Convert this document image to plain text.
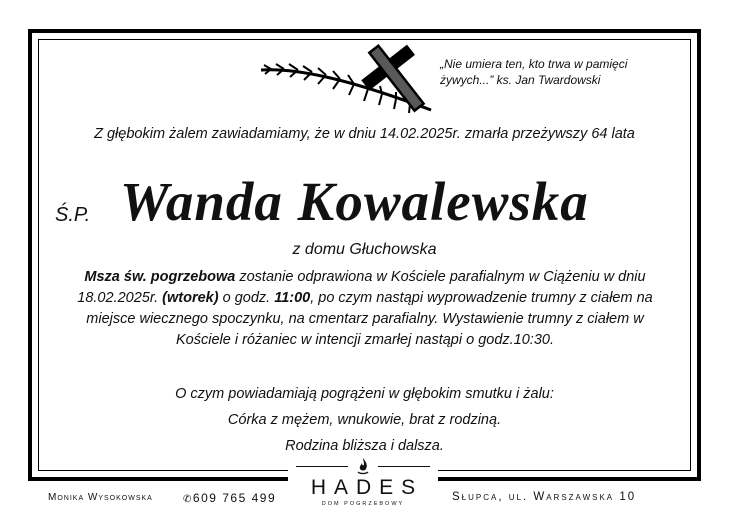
„Nie umiera ten, kto trwa w pamięci
żywych...” ks. Jan Twardowski
Z głębokim żalem zawiadamiamy, że w dniu 14.02.2025r. zmarła przeżywszy 64 lata
Ś.P. Wanda Kowalewska
z domu Głuchowska
Msza św. pogrzebowa zostanie odprawiona w Kościele parafialnym w Ciążeniu w dniu 18.02.2025r. (wtorek) o godz. 11:00, po czym nastąpi wyprowadzenie trumny z ciałem na miejsce wiecznego spoczynku, na cmentarz parafialny. Wystawienie trumny z ciałem w Kościele i różaniec w intencji zmarłej nastąpi o godz.10:30.
O czym powiadamiają pogrążeni w głębokim smutku i żalu:
Córka z mężem, wnukowie, brat z rodziną.
Rodzina bliższa i dalsza.
HADES
DOM POGRZEBOWY
Monika Wysokowska	✆609 765 499	Słupca, ul. Warszawska 10
